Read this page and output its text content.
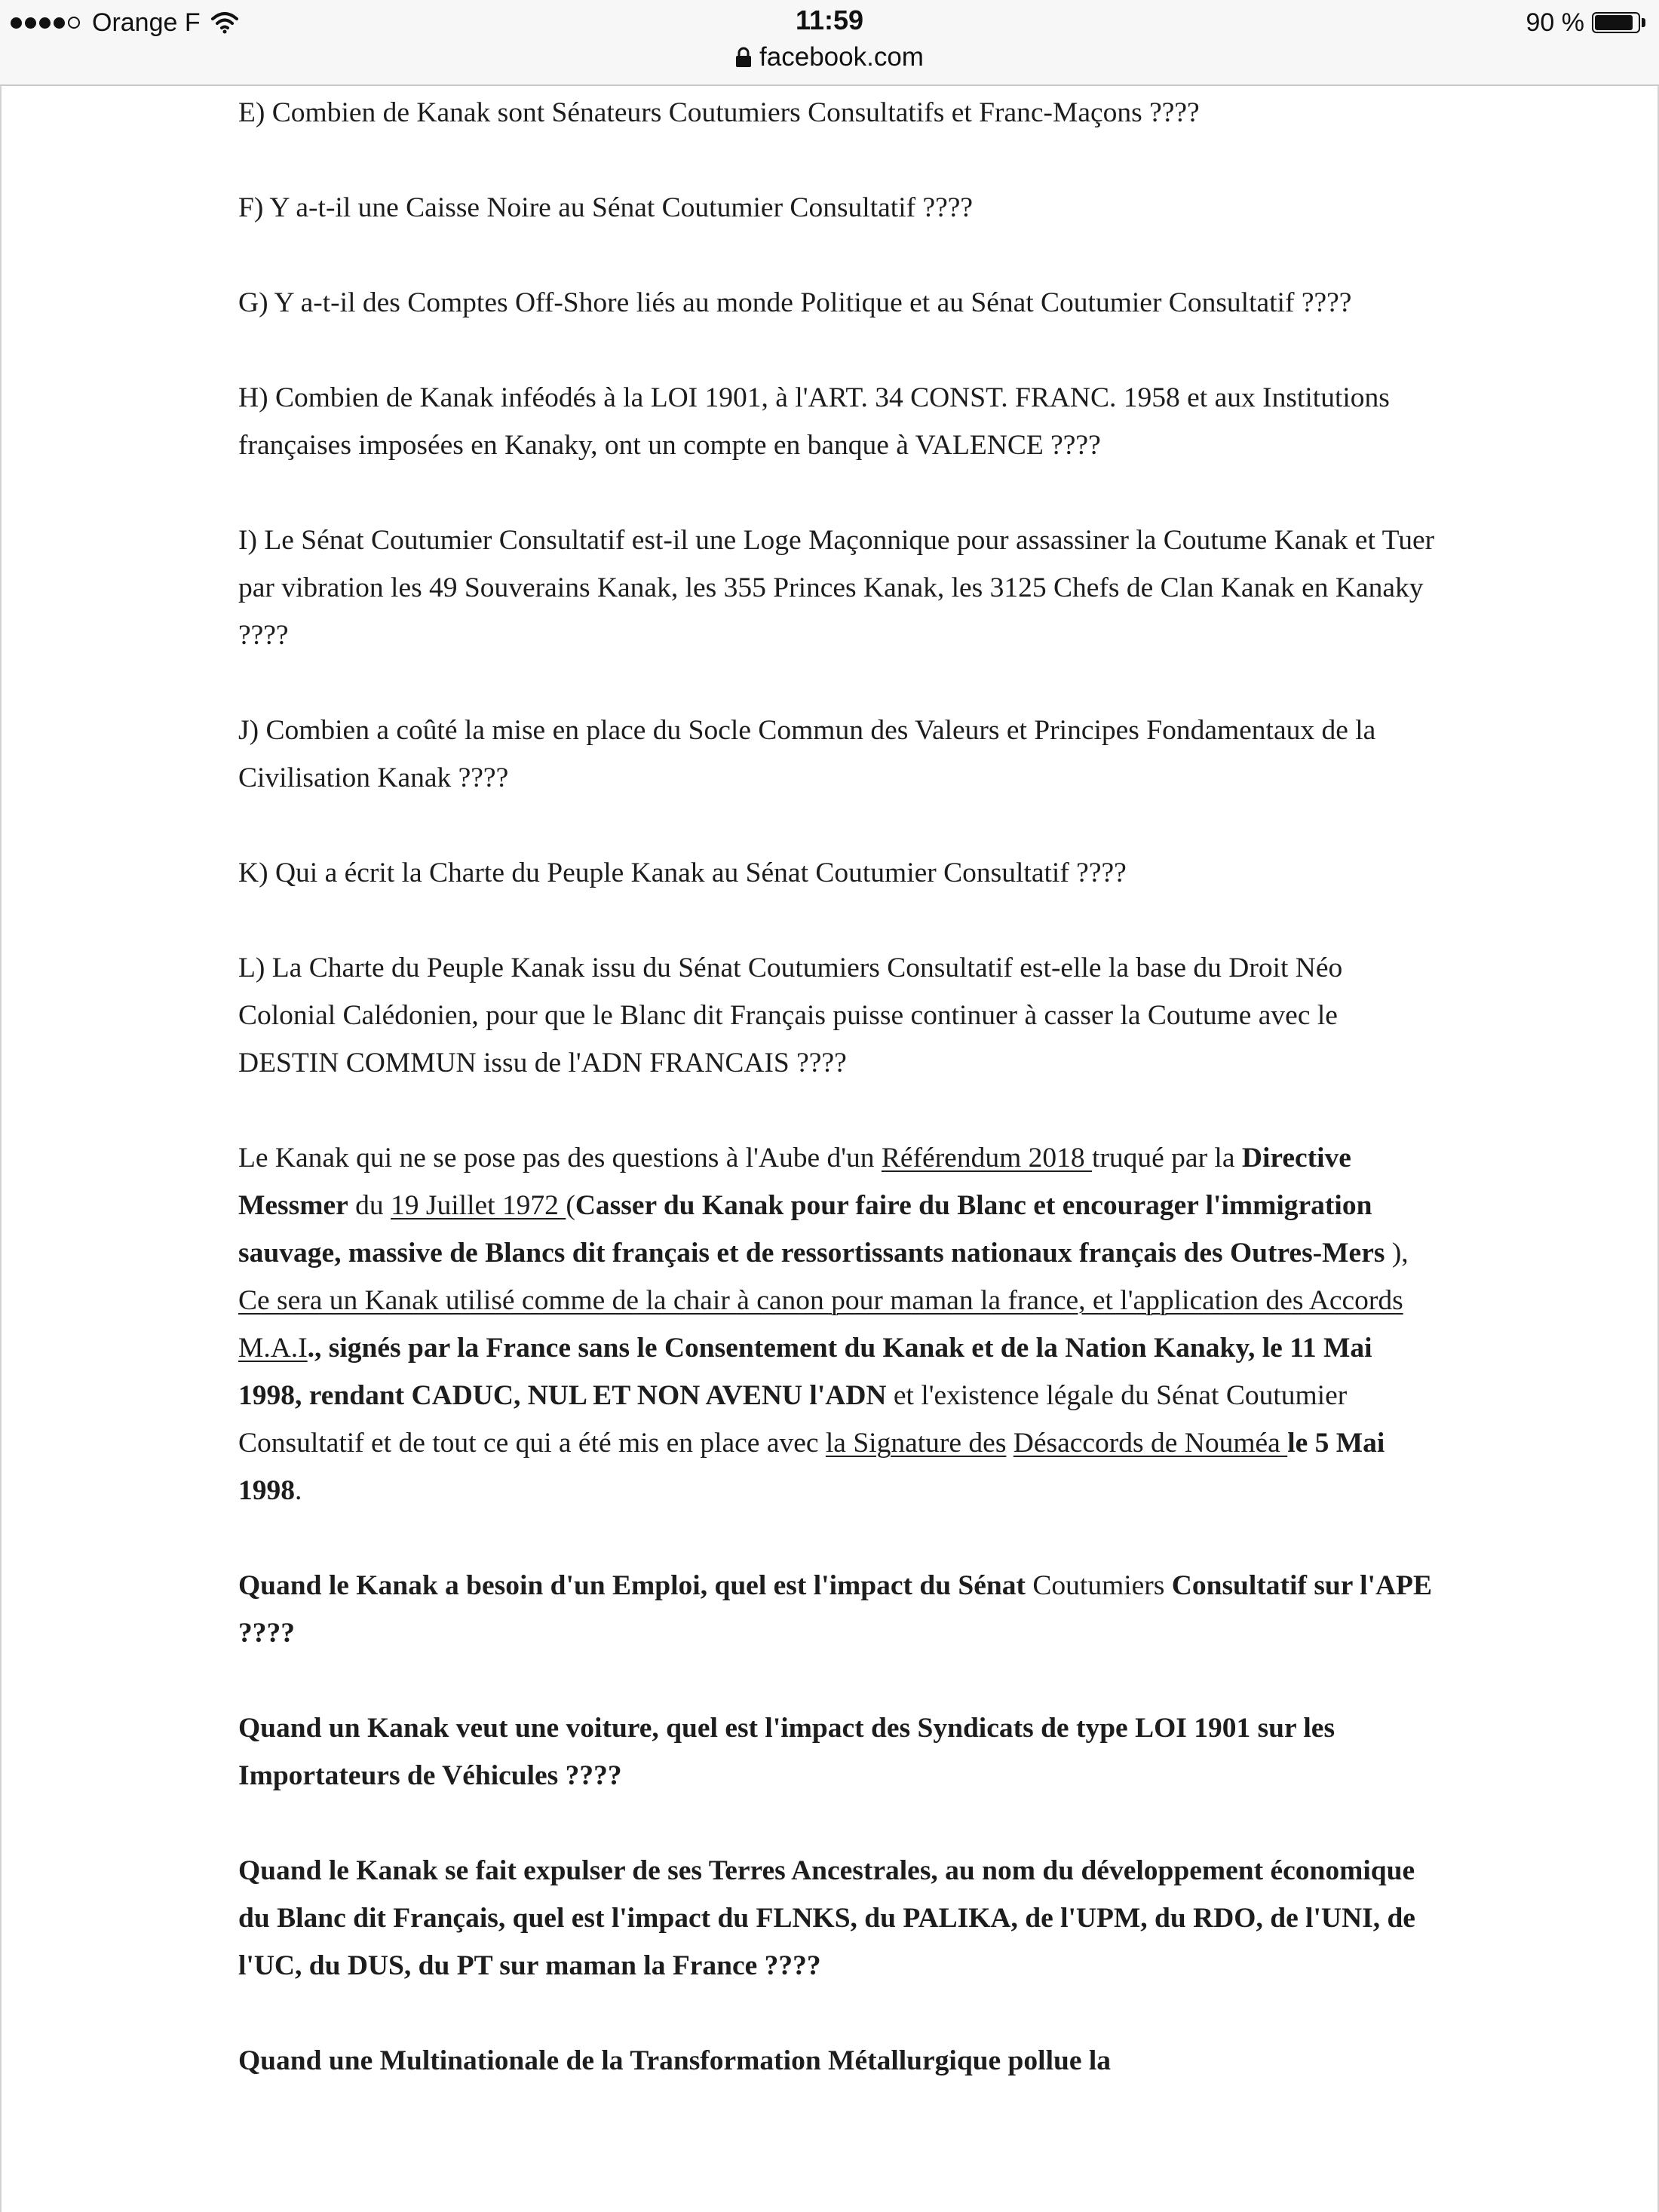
Orange F	11:59
facebook.com
90 %

E) Combien de Kanak sont Sénateurs Coutumiers Consultatifs et Franc-Maçons ????

F) Y a-t-il une Caisse Noire au Sénat Coutumier Consultatif ????

G) Y a-t-il des Comptes Off-Shore liés au monde Politique et au Sénat Coutumier Consultatif ????

H) Combien de Kanak inféodés à la LOI 1901, à l'ART. 34 CONST. FRANC. 1958 et aux Institutions françaises imposées en Kanaky, ont un compte en banque à VALENCE ????

I) Le Sénat Coutumier Consultatif est-il une Loge Maçonnique pour assassiner la Coutume Kanak et Tuer par vibration les 49 Souverains Kanak, les 355 Princes Kanak, les 3125 Chefs de Clan Kanak en Kanaky ????

J) Combien a coûté la mise en place du Socle Commun des Valeurs et Principes Fondamentaux de la Civilisation Kanak ????

K) Qui a écrit la Charte du Peuple Kanak au Sénat Coutumier Consultatif ????

L) La Charte du Peuple Kanak issu du Sénat Coutumiers Consultatif est-elle la base du Droit Néo Colonial Calédonien, pour que le Blanc dit Français puisse continuer à casser la Coutume avec le DESTIN COMMUN issu de l'ADN FRANCAIS ????

Le Kanak qui ne se pose pas des questions à l'Aube d'un Référendum 2018 truqué par la Directive Messmer du 19 Juillet 1972 (Casser du Kanak pour faire du Blanc et encourager l'immigration sauvage, massive de Blancs dit français et de ressortissants nationaux français des Outres-Mers ), Ce sera un Kanak utilisé comme de la chair à canon pour maman la france, et l'application des Accords M.A.I., signés par la France sans le Consentement du Kanak et de la Nation Kanaky, le 11 Mai 1998, rendant CADUC, NUL ET NON AVENU l'ADN et l'existence légale du Sénat Coutumier Consultatif et de tout ce qui a été mis en place avec la Signature des Désaccords de Nouméa le 5 Mai 1998.

Quand le Kanak a besoin d'un Emploi, quel est l'impact du Sénat Coutumiers Consultatif sur l'APE ????

Quand un Kanak veut une voiture, quel est l'impact des Syndicats de type LOI 1901 sur les Importateurs de Véhicules ????

Quand le Kanak se fait expulser de ses Terres Ancestrales, au nom du développement économique du Blanc dit Français, quel est l'impact du FLNKS, du PALIKA, de l'UPM, du RDO, de l'UNI, de l'UC, du DUS, du PT sur maman la France ????

Quand une Multinationale de la Transformation Métallurgique pollue la
